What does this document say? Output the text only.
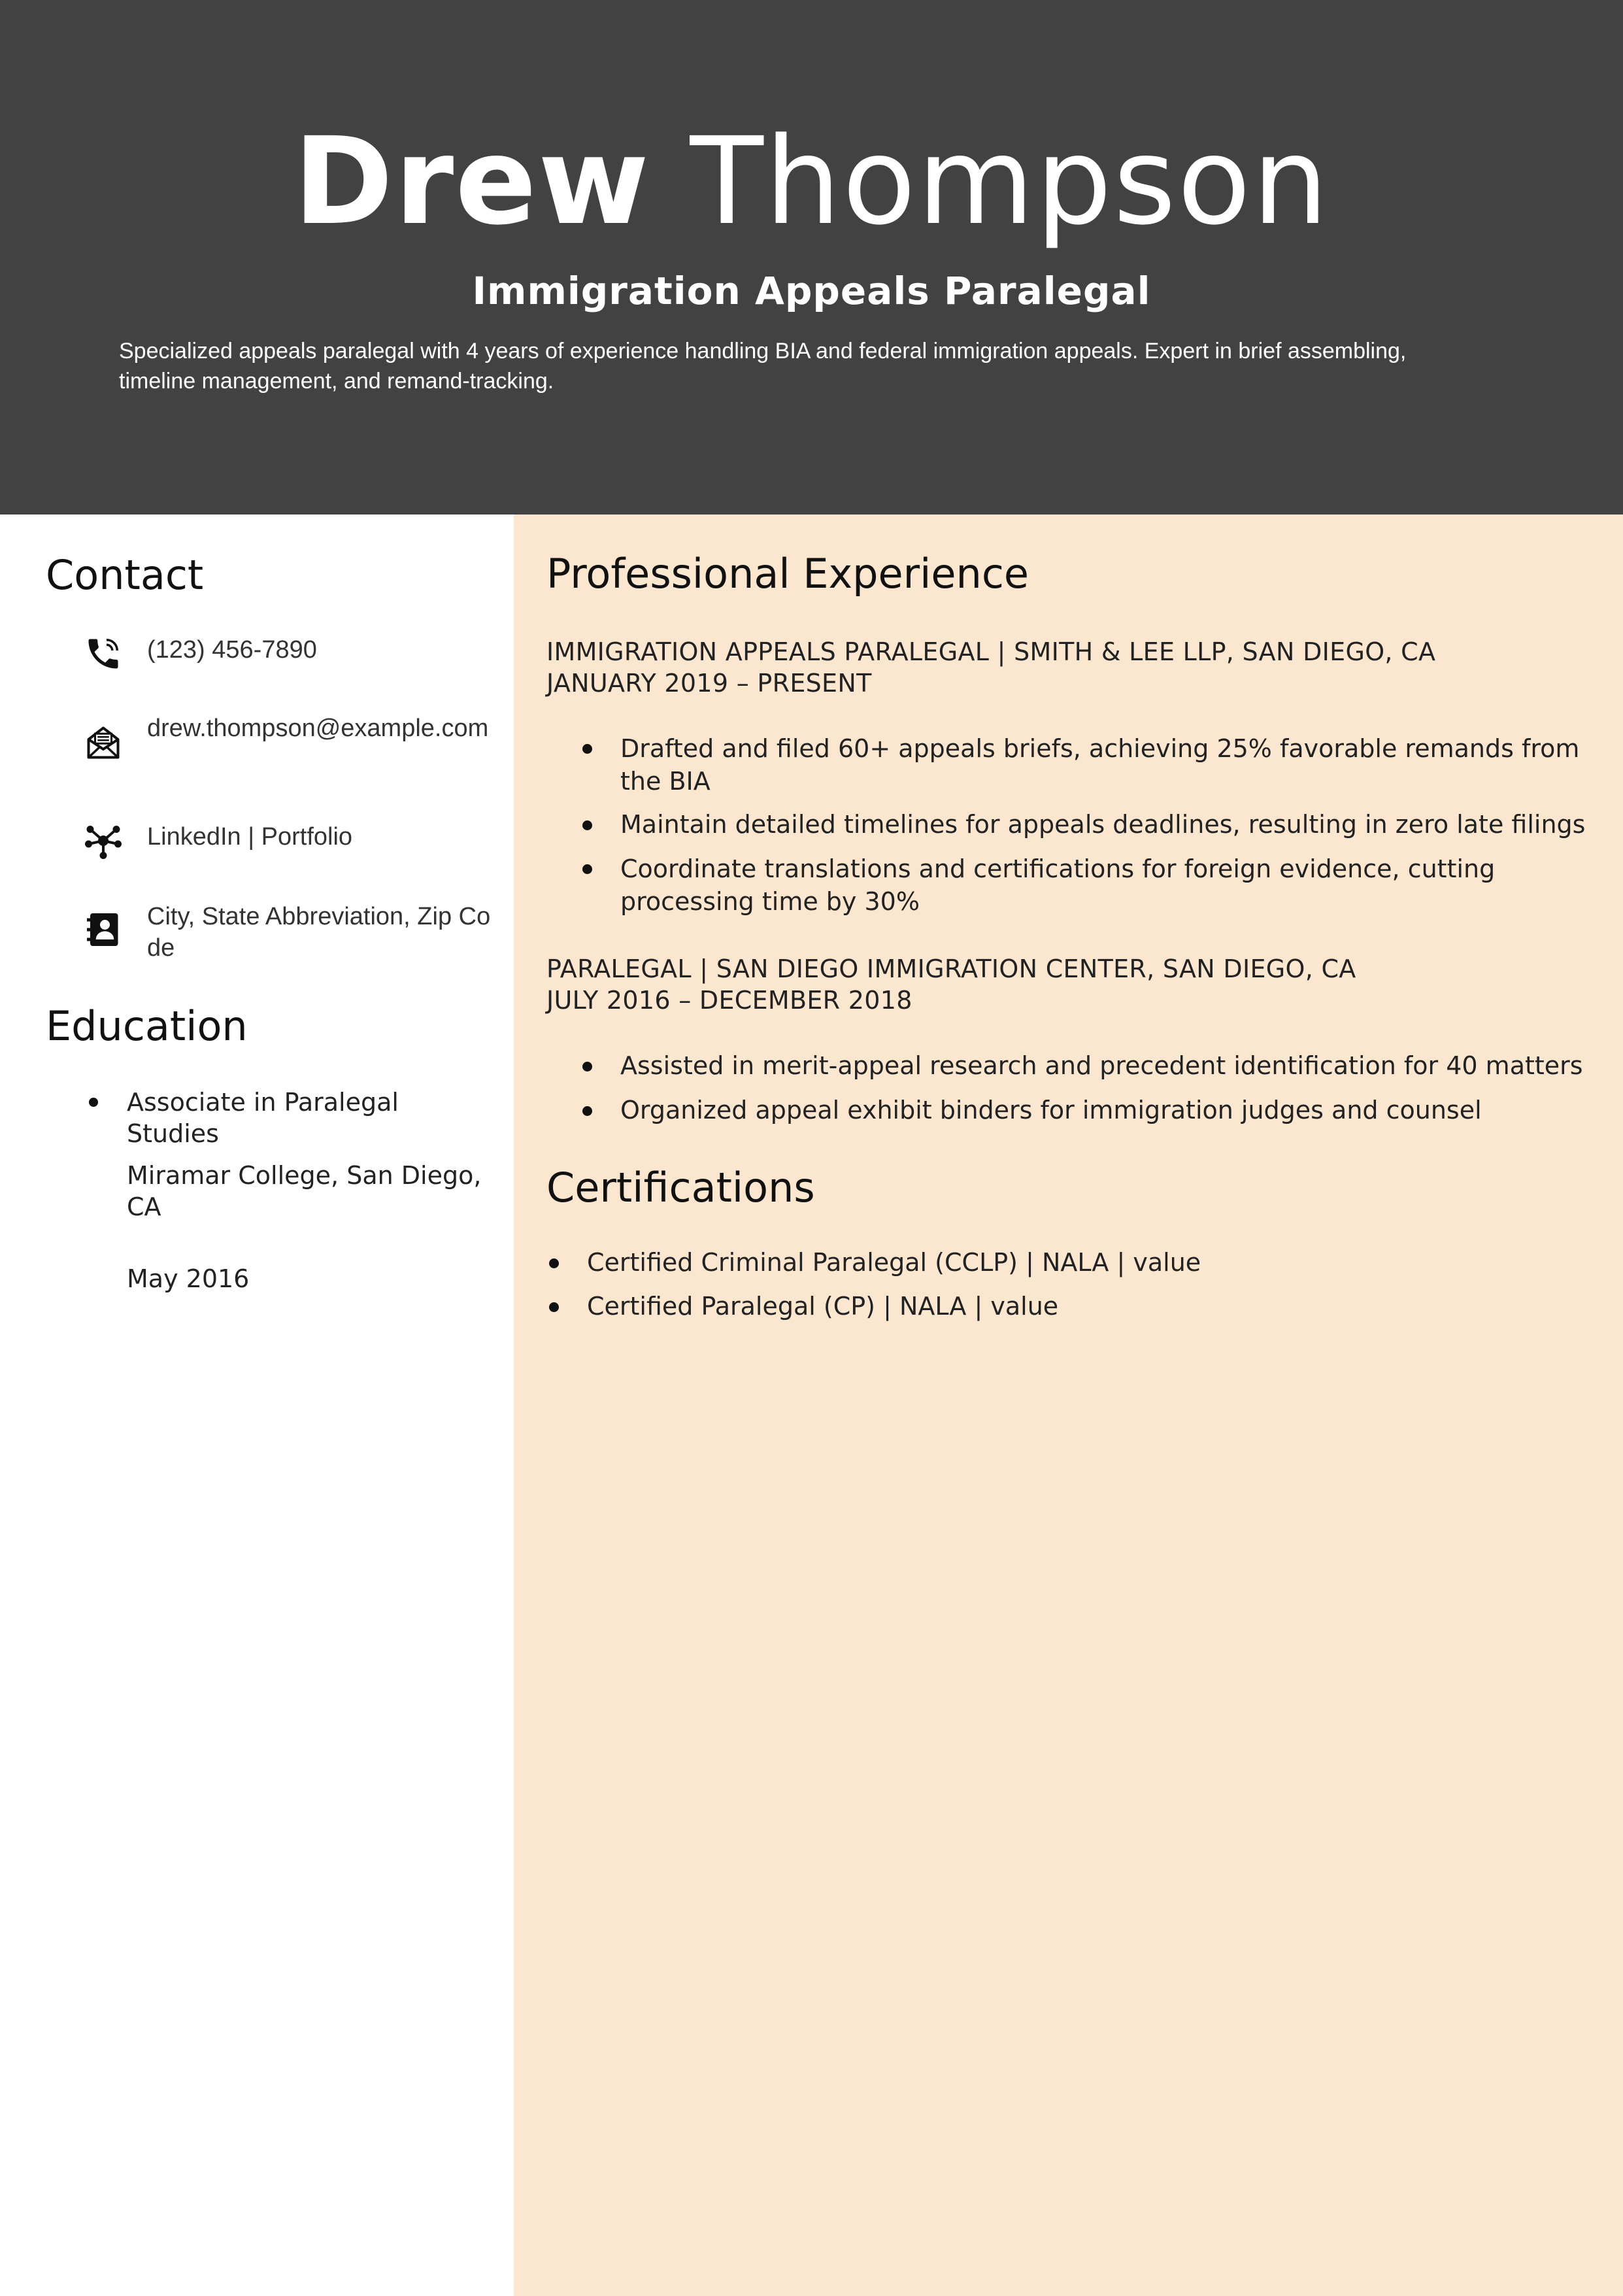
Drew Thompson
Immigration Appeals Paralegal
Specialized appeals paralegal with 4 years of experience handling BIA and federal immigration appeals. Expert in brief assembling, timeline management, and remand-tracking.
Contact
(123) 456-7890
drew.thompson@example.com
LinkedIn | Portfolio
City, State Abbreviation, Zip Code
Education
Associate in Paralegal Studies
Miramar College, San Diego, CA
May 2016
Professional Experience
IMMIGRATION APPEALS PARALEGAL | SMITH & LEE LLP, SAN DIEGO, CA
JANUARY 2019 – PRESENT
Drafted and filed 60+ appeals briefs, achieving 25% favorable remands from the BIA
Maintain detailed timelines for appeals deadlines, resulting in zero late filings
Coordinate translations and certifications for foreign evidence, cutting processing time by 30%
PARALEGAL | SAN DIEGO IMMIGRATION CENTER, SAN DIEGO, CA
JULY 2016 – DECEMBER 2018
Assisted in merit-appeal research and precedent identification for 40 matters
Organized appeal exhibit binders for immigration judges and counsel
Certifications
Certified Criminal Paralegal (CCLP) | NALA | value
Certified Paralegal (CP) | NALA | value
